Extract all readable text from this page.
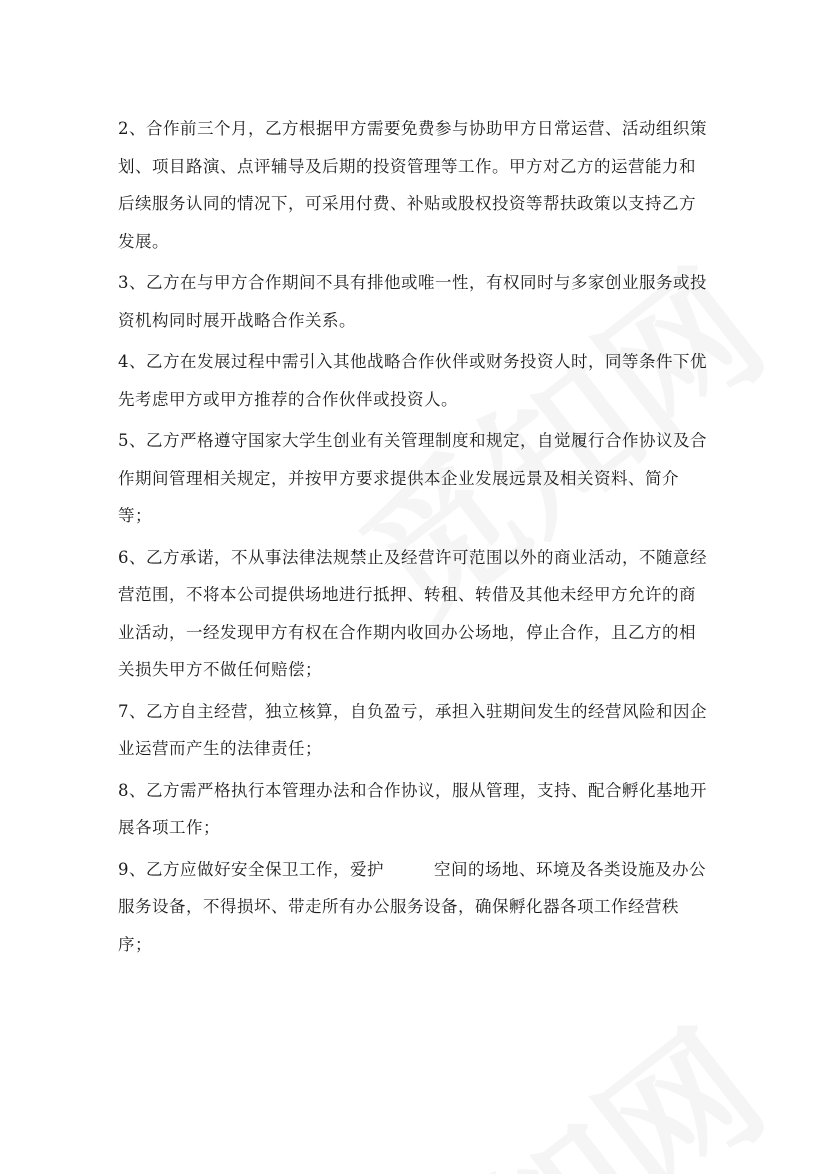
2、合作前三个月，乙方根据甲方需要免费参与协助甲方日常运营、活动组织策
划、项目路演、点评辅导及后期的投资管理等工作。甲方对乙方的运营能力和
后续服务认同的情况下，可采用付费、补贴或股权投资等帮扶政策以支持乙方
发展。
3、乙方在与甲方合作期间不具有排他或唯一性，有权同时与多家创业服务或投
资机构同时展开战略合作关系。
4、乙方在发展过程中需引入其他战略合作伙伴或财务投资人时，同等条件下优
先考虑甲方或甲方推荐的合作伙伴或投资人。
5、乙方严格遵守国家大学生创业有关管理制度和规定，自觉履行合作协议及合
作期间管理相关规定，并按甲方要求提供本企业发展远景及相关资料、简介
等；
6、乙方承诺，不从事法律法规禁止及经营许可范围以外的商业活动，不随意经
营范围，不将本公司提供场地进行抵押、转租、转借及其他未经甲方允许的商
业活动，一经发现甲方有权在合作期内收回办公场地，停止合作，且乙方的相
关损失甲方不做任何赔偿；
7、乙方自主经营，独立核算，自负盈亏，承担入驻期间发生的经营风险和因企
业运营而产生的法律责任；
8、乙方需严格执行本管理办法和合作协议，服从管理，支持、配合孵化基地开
展各项工作；
9、乙方应做好安全保卫工作，爱护	空间的场地、环境及各类设施及办公
服务设备，不得损坏、带走所有办公服务设备，确保孵化器各项工作经营秩
序；
